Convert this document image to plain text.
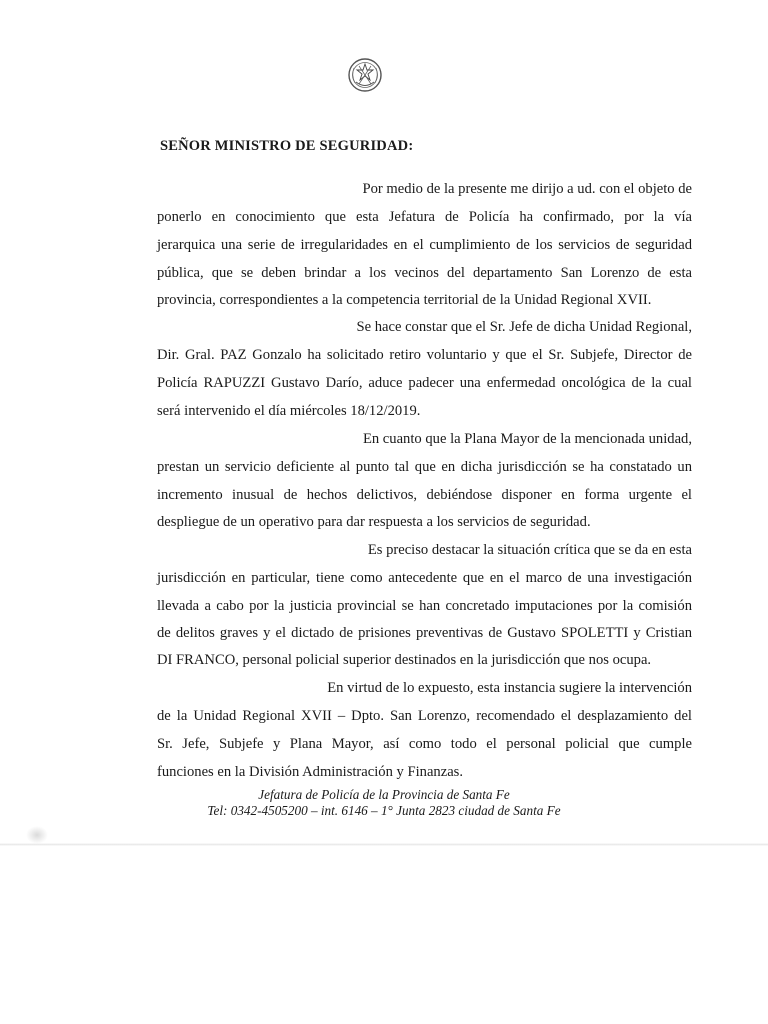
SEÑOR MINISTRO DE SEGURIDAD:
Por medio de la presente me dirijo a ud. con el objeto de
ponerlo en conocimiento que esta Jefatura de Policía ha confirmado, por la vía
jerarquica una serie de irregularidades en el cumplimiento de los servicios de seguridad
pública, que se deben brindar a los vecinos del departamento San Lorenzo de esta
provincia, correspondientes a la competencia territorial de la Unidad Regional XVII.
Se hace constar que el Sr. Jefe de dicha Unidad Regional,
Dir. Gral. PAZ Gonzalo ha solicitado retiro voluntario y que el Sr. Subjefe, Director de
Policía RAPUZZI Gustavo Darío, aduce padecer una enfermedad oncológica de la cual
será intervenido el día miércoles 18/12/2019.
En cuanto que la Plana Mayor de la mencionada unidad,
prestan un servicio deficiente al punto tal que en dicha jurisdicción se ha constatado un
incremento inusual de hechos delictivos, debiéndose disponer en forma urgente el
despliegue de un operativo para dar respuesta a los servicios de seguridad.
Es preciso destacar la situación crítica que se da en esta
jurisdicción en particular, tiene como antecedente que en el marco de una investigación
llevada a cabo por la justicia provincial se han concretado imputaciones por la comisión
de delitos graves y el dictado de prisiones preventivas de Gustavo SPOLETTI y Cristian
DI FRANCO, personal policial superior destinados en la jurisdicción que nos ocupa.
En virtud de lo expuesto, esta instancia sugiere la intervención
de la Unidad Regional XVII – Dpto. San Lorenzo, recomendado el desplazamiento del
Sr. Jefe, Subjefe y Plana Mayor, así como todo el personal policial que cumple
funciones en la División Administración y Finanzas.
Jefatura de Policía de la Provincia de Santa Fe
Tel: 0342-4505200 – int. 6146 – 1° Junta 2823 ciudad de Santa Fe
